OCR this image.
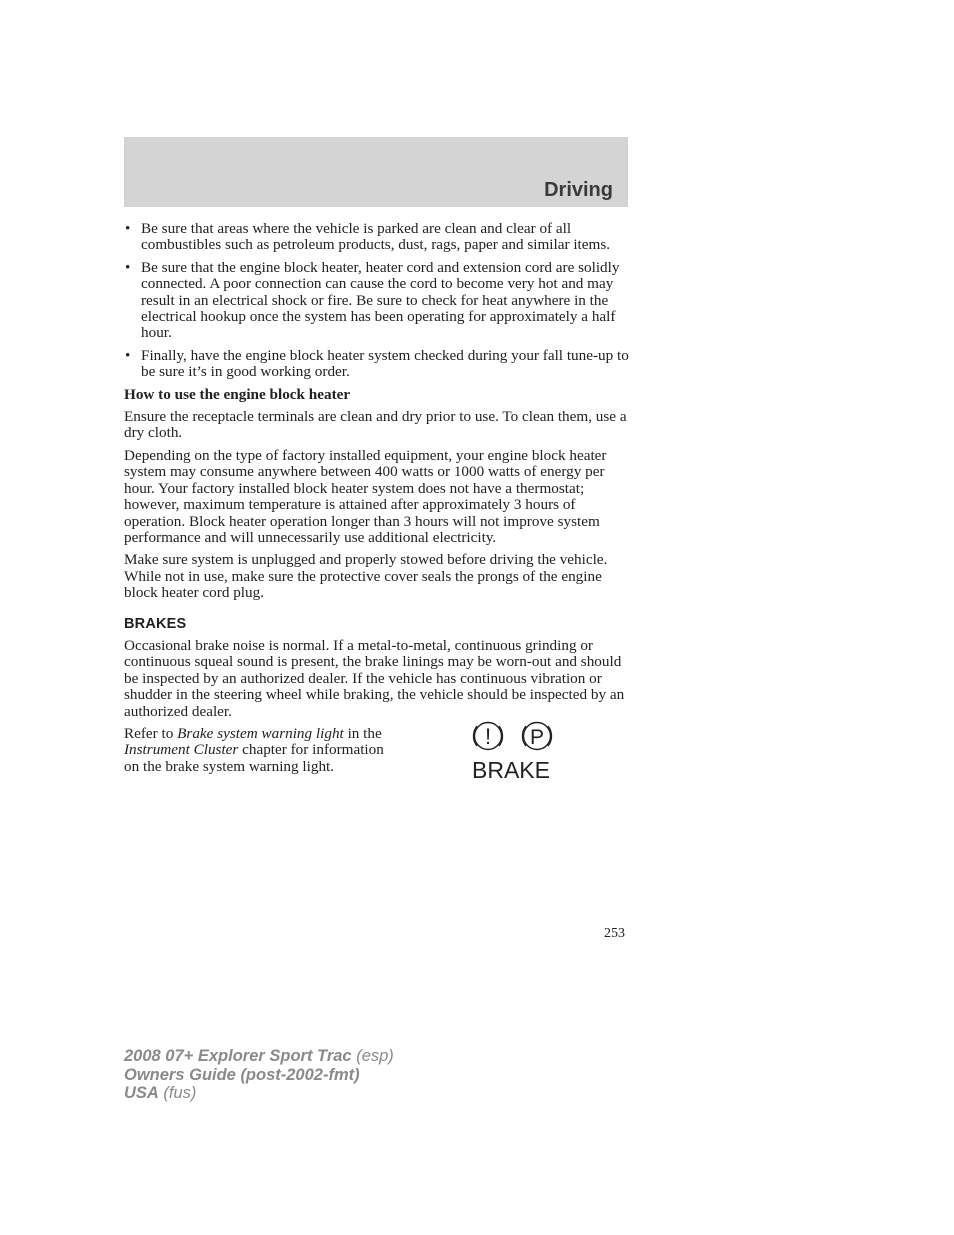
Driving
• Be sure that areas where the vehicle is parked are clean and clear of all combustibles such as petroleum products, dust, rags, paper and similar items.
• Be sure that the engine block heater, heater cord and extension cord are solidly connected. A poor connection can cause the cord to become very hot and may result in an electrical shock or fire. Be sure to check for heat anywhere in the electrical hookup once the system has been operating for approximately a half hour.
• Finally, have the engine block heater system checked during your fall tune-up to be sure it’s in good working order.

How to use the engine block heater

Ensure the receptacle terminals are clean and dry prior to use. To clean them, use a dry cloth.

Depending on the type of factory installed equipment, your engine block heater system may consume anywhere between 400 watts or 1000 watts of energy per hour. Your factory installed block heater system does not have a thermostat; however, maximum temperature is attained after approximately 3 hours of operation. Block heater operation longer than 3 hours will not improve system performance and will unnecessarily use additional electricity.

Make sure system is unplugged and properly stowed before driving the vehicle. While not in use, make sure the protective cover seals the prongs of the engine block heater cord plug.

BRAKES

Occasional brake noise is normal. If a metal-to-metal, continuous grinding or continuous squeal sound is present, the brake linings may be worn-out and should be inspected by an authorized dealer. If the vehicle has continuous vibration or shudder in the steering wheel while braking, the vehicle should be inspected by an authorized dealer.

Refer to Brake system warning light in the Instrument Cluster chapter for information on the brake system warning light.

! P
BRAKE
253
2008 07+ Explorer Sport Trac (esp)
Owners Guide (post-2002-fmt)
USA (fus)
